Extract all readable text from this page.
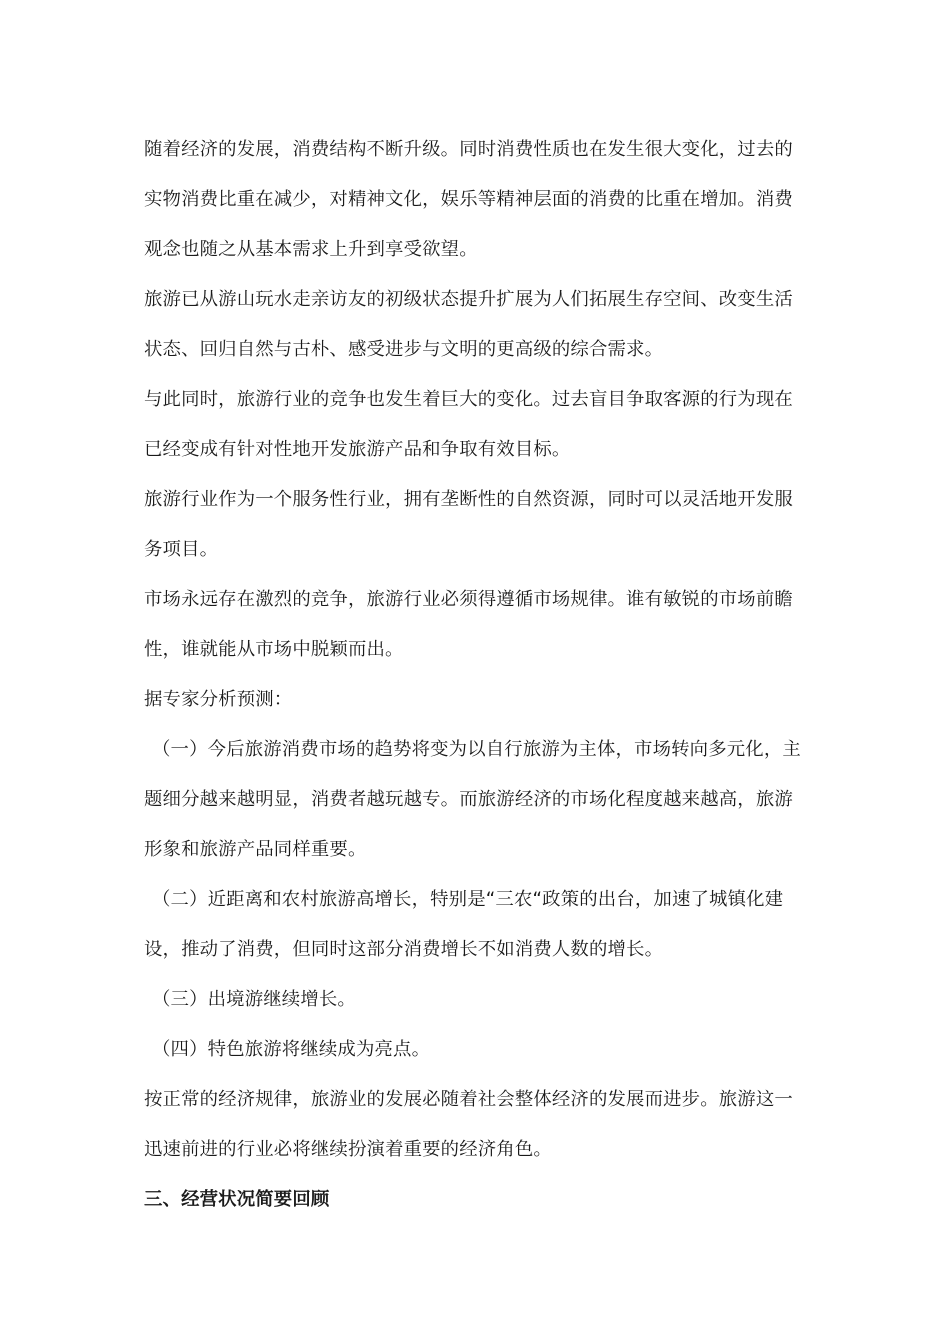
随着经济的发展，消费结构不断升级。同时消费性质也在发生很大变化，过去的实物消费比重在减少，对精神文化，娱乐等精神层面的消费的比重在增加。消费观念也随之从基本需求上升到享受欲望。

旅游已从游山玩水走亲访友的初级状态提升扩展为人们拓展生存空间、改变生活状态、回归自然与古朴、感受进步与文明的更高级的综合需求。

与此同时，旅游行业的竞争也发生着巨大的变化。过去盲目争取客源的行为现在已经变成有针对性地开发旅游产品和争取有效目标。

旅游行业作为一个服务性行业，拥有垄断性的自然资源，同时可以灵活地开发服务项目。

市场永远存在激烈的竞争，旅游行业必须得遵循市场规律。谁有敏锐的市场前瞻性，谁就能从市场中脱颖而出。

据专家分析预测：

（一）今后旅游消费市场的趋势将变为以自行旅游为主体，市场转向多元化，主题细分越来越明显，消费者越玩越专。而旅游经济的市场化程度越来越高，旅游形象和旅游产品同样重要。

（二）近距离和农村旅游高增长，特别是“三农“政策的出台，加速了城镇化建设，推动了消费，但同时这部分消费增长不如消费人数的增长。

（三）出境游继续增长。

（四）特色旅游将继续成为亮点。

按正常的经济规律，旅游业的发展必随着社会整体经济的发展而进步。旅游这一迅速前进的行业必将继续扮演着重要的经济角色。

三、经营状况简要回顾
